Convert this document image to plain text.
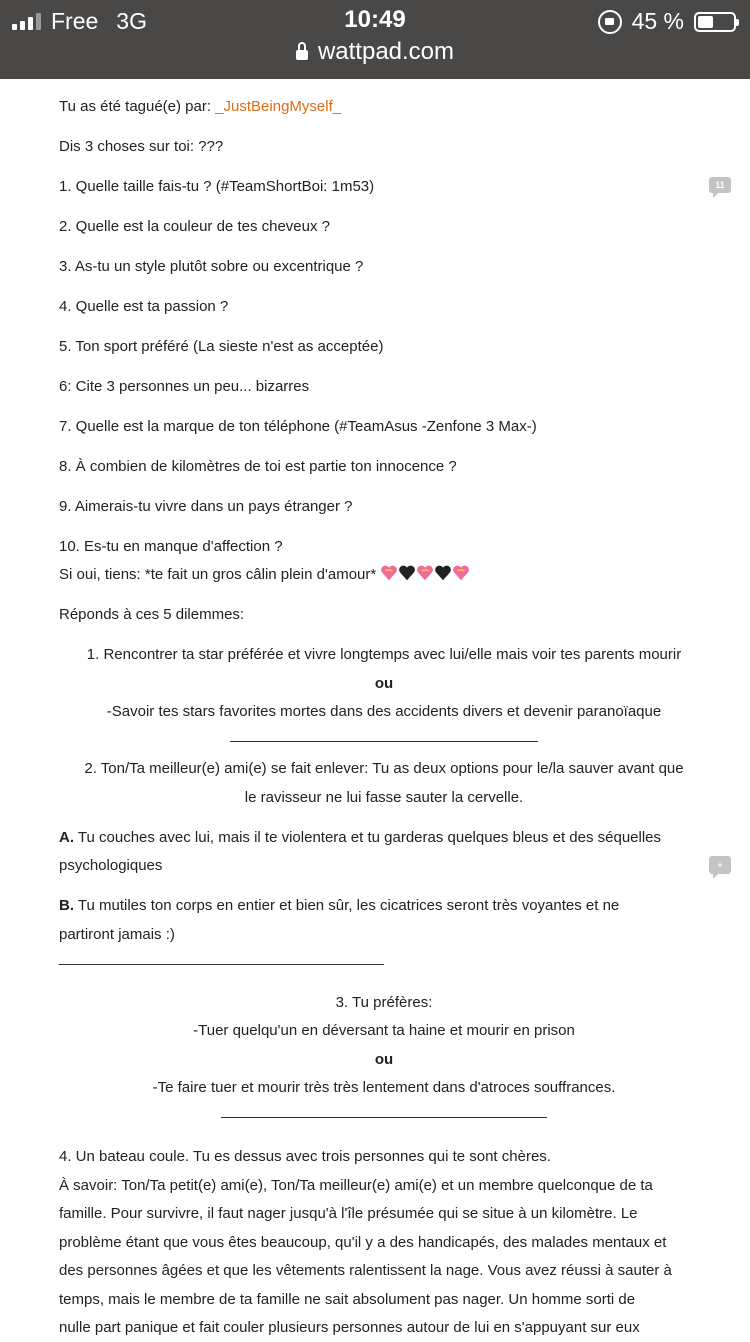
Free 3G	10:49	45 %
wattpad.com
11
+
Tu as été tagué(e) par: _JustBeingMyself_
Dis 3 choses sur toi: ???
1. Quelle taille fais-tu ? (#TeamShortBoi: 1m53)
2. Quelle est la couleur de tes cheveux ?
3. As-tu un style plutôt sobre ou excentrique ?
4. Quelle est ta passion ?
5. Ton sport préféré (La sieste n'est as acceptée)
6: Cite 3 personnes un peu... bizarres
7. Quelle est la marque de ton téléphone (#TeamAsus -Zenfone 3 Max-)
8. À combien de kilomètres de toi est partie ton innocence ?
9. Aimerais-tu vivre dans un pays étranger ?
10. Es-tu en manque d'affection ?
Si oui, tiens: *te fait un gros câlin plein d'amour*
Réponds à ces 5 dilemmes:
1. Rencontrer ta star préférée et vivre longtemps avec lui/elle mais voir tes parents mourir
ou
-Savoir tes stars favorites mortes dans des accidents divers et devenir paranoïaque
2. Ton/Ta meilleur(e) ami(e) se fait enlever: Tu as deux options pour le/la sauver avant que
le ravisseur ne lui fasse sauter la cervelle.
A. Tu couches avec lui, mais il te violentera et tu garderas quelques bleus et des séquelles
psychologiques
B. Tu mutiles ton corps en entier et bien sûr, les cicatrices seront très voyantes et ne
partiront jamais :)
3. Tu préfères:
-Tuer quelqu'un en déversant ta haine et mourir en prison
ou
-Te faire tuer et mourir très très lentement dans d'atroces souffrances.
4. Un bateau coule. Tu es dessus avec trois personnes qui te sont chères.
À savoir: Ton/Ta petit(e) ami(e), Ton/Ta meilleur(e) ami(e) et un membre quelconque de ta
famille. Pour survivre, il faut nager jusqu'à l'île présumée qui se situe à un kilomètre. Le
problème étant que vous êtes beaucoup, qu'il y a des handicapés, des malades mentaux et
des personnes âgées et que les vêtements ralentissent la nage. Vous avez réussi à sauter à
temps, mais le membre de ta famille ne sait absolument pas nager. Un homme sorti de
nulle part panique et fait couler plusieurs personnes autour de lui en s'appuyant sur eux
